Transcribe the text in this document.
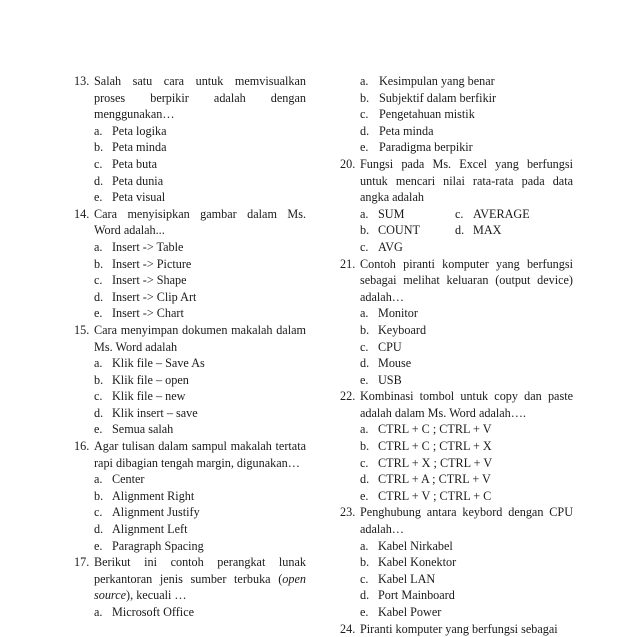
13. Salah satu cara untuk memvisualkan proses berpikir adalah dengan menggunakan…
a. Peta logika
b. Peta minda
c. Peta buta
d. Peta dunia
e. Peta visual
14. Cara menyisipkan gambar dalam Ms. Word adalah...
a. Insert -> Table
b. Insert -> Picture
c. Insert -> Shape
d. Insert -> Clip Art
e. Insert -> Chart
15. Cara menyimpan dokumen makalah dalam Ms. Word adalah
a. Klik file – Save As
b. Klik file – open
c. Klik file – new
d. Klik insert – save
e. Semua salah
16. Agar tulisan dalam sampul makalah tertata rapi dibagian tengah margin, digunakan…
a. Center
b. Alignment Right
c. Alignment Justify
d. Alignment Left
e. Paragraph Spacing
17. Berikut ini contoh perangkat lunak perkantoran jenis sumber terbuka (open source), kecuali …
a. Microsoft Office
a. Kesimpulan yang benar
b. Subjektif dalam berfikir
c. Pengetahuan mistik
d. Peta minda
e. Paradigma berpikir
20. Fungsi pada Ms. Excel yang berfungsi untuk mencari nilai rata-rata pada data angka adalah
a. SUM	c. AVERAGE
b. COUNT	d. MAX
c. AVG
21. Contoh piranti komputer yang berfungsi sebagai melihat keluaran (output device) adalah…
a. Monitor
b. Keyboard
c. CPU
d. Mouse
e. USB
22. Kombinasi tombol untuk copy dan paste adalah dalam Ms. Word adalah….
a. CTRL + C ; CTRL + V
b. CTRL + C ; CTRL + X
c. CTRL + X ; CTRL + V
d. CTRL + A ; CTRL + V
e. CTRL + V ; CTRL + C
23. Penghubung antara keybord dengan CPU adalah…
a. Kabel Nirkabel
b. Kabel Konektor
c. Kabel LAN
d. Port Mainboard
e. Kabel Power
24. Piranti komputer yang berfungsi sebagai
